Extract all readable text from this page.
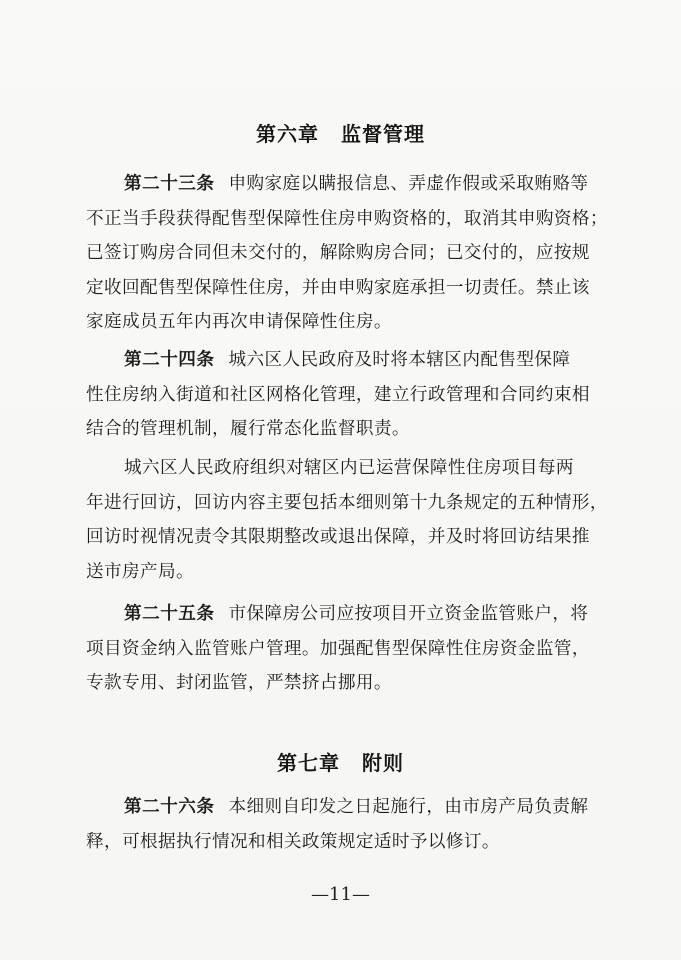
第六章 监督管理
第二十三条 申购家庭以瞒报信息、弄虚作假或采取贿赂等
不正当手段获得配售型保障性住房申购资格的，取消其申购资格；
已签订购房合同但未交付的，解除购房合同；已交付的，应按规
定收回配售型保障性住房，并由申购家庭承担一切责任。禁止该
家庭成员五年内再次申请保障性住房。
第二十四条 城六区人民政府及时将本辖区内配售型保障
性住房纳入街道和社区网格化管理，建立行政管理和合同约束相
结合的管理机制，履行常态化监督职责。
城六区人民政府组织对辖区内已运营保障性住房项目每两
年进行回访，回访内容主要包括本细则第十九条规定的五种情形，
回访时视情况责令其限期整改或退出保障，并及时将回访结果推
送市房产局。
第二十五条 市保障房公司应按项目开立资金监管账户，将
项目资金纳入监管账户管理。加强配售型保障性住房资金监管，
专款专用、封闭监管，严禁挤占挪用。
第七章 附则
第二十六条 本细则自印发之日起施行，由市房产局负责解
释，可根据执行情况和相关政策规定适时予以修订。
—11—
